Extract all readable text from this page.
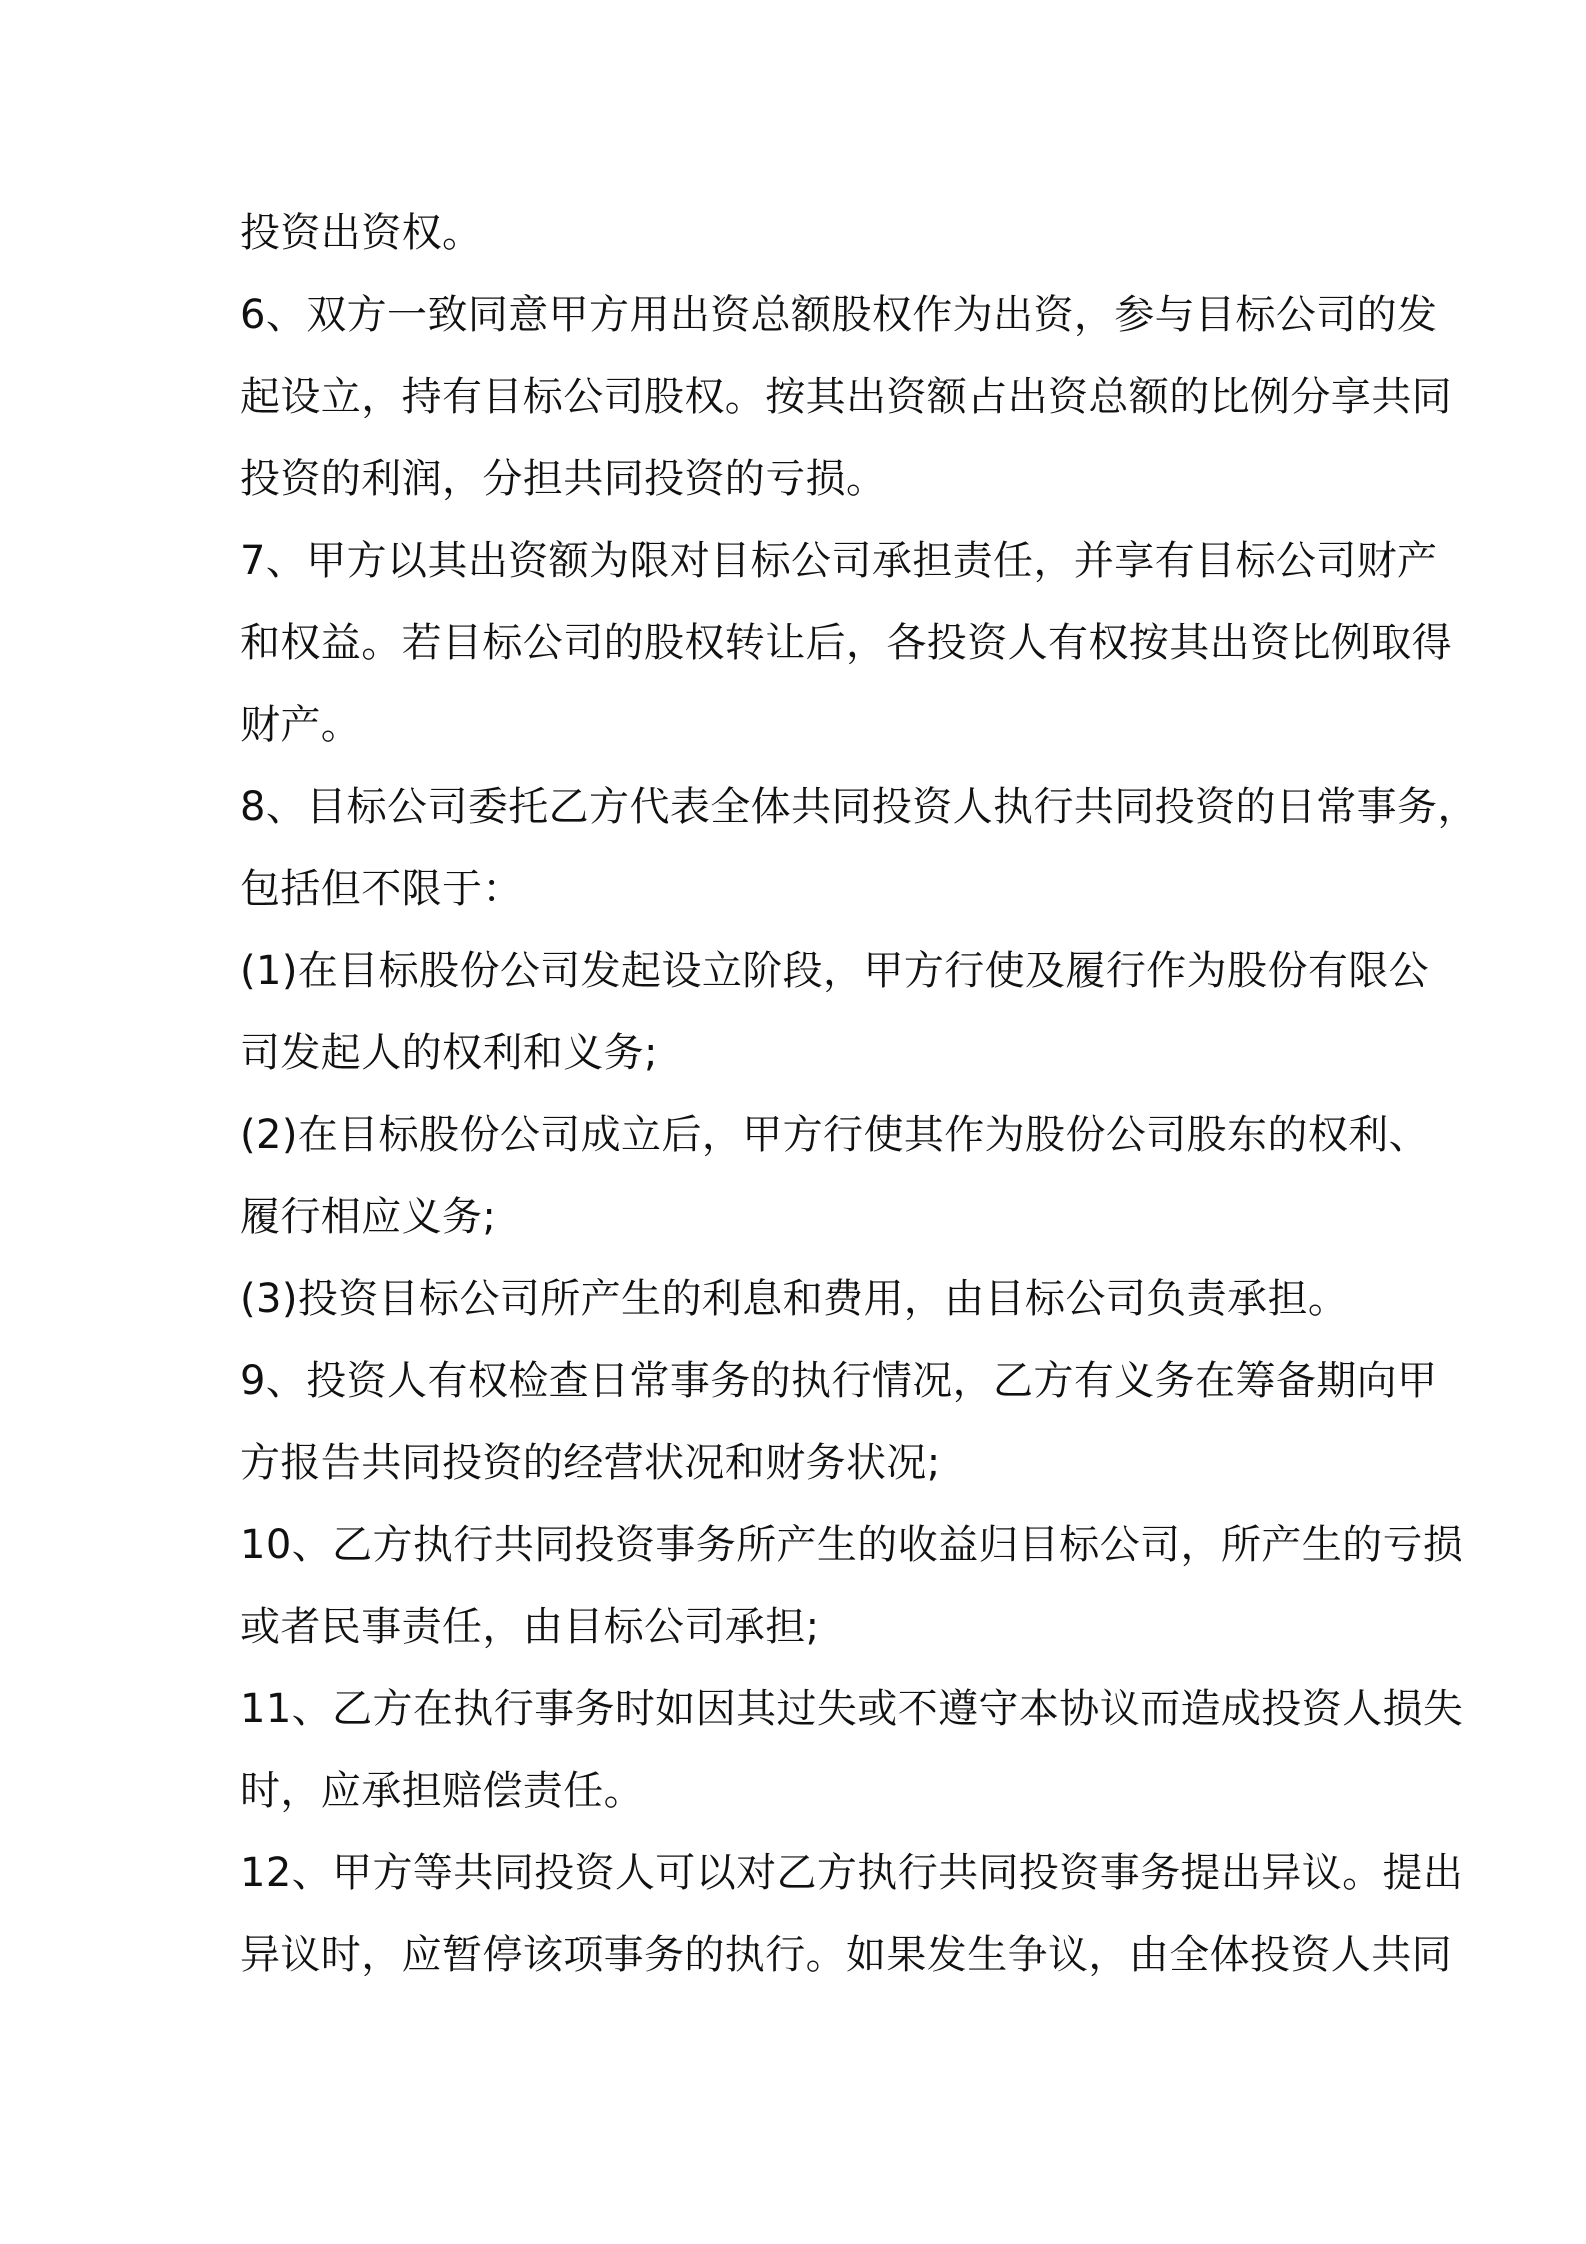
投资出资权。
6、双方一致同意甲方用出资总额股权作为出资，参与目标公司的发
起设立，持有目标公司股权。按其出资额占出资总额的比例分享共同
投资的利润，分担共同投资的亏损。
7、甲方以其出资额为限对目标公司承担责任，并享有目标公司财产
和权益。若目标公司的股权转让后，各投资人有权按其出资比例取得
财产。
8、目标公司委托乙方代表全体共同投资人执行共同投资的日常事务，
包括但不限于：
(1)在目标股份公司发起设立阶段，甲方行使及履行作为股份有限公
司发起人的权利和义务;
(2)在目标股份公司成立后，甲方行使其作为股份公司股东的权利、
履行相应义务;
(3)投资目标公司所产生的利息和费用，由目标公司负责承担。
9、投资人有权检查日常事务的执行情况，乙方有义务在筹备期向甲
方报告共同投资的经营状况和财务状况;
10、乙方执行共同投资事务所产生的收益归目标公司，所产生的亏损
或者民事责任，由目标公司承担;
11、乙方在执行事务时如因其过失或不遵守本协议而造成投资人损失
时，应承担赔偿责任。
12、甲方等共同投资人可以对乙方执行共同投资事务提出异议。提出
异议时，应暂停该项事务的执行。如果发生争议，由全体投资人共同
